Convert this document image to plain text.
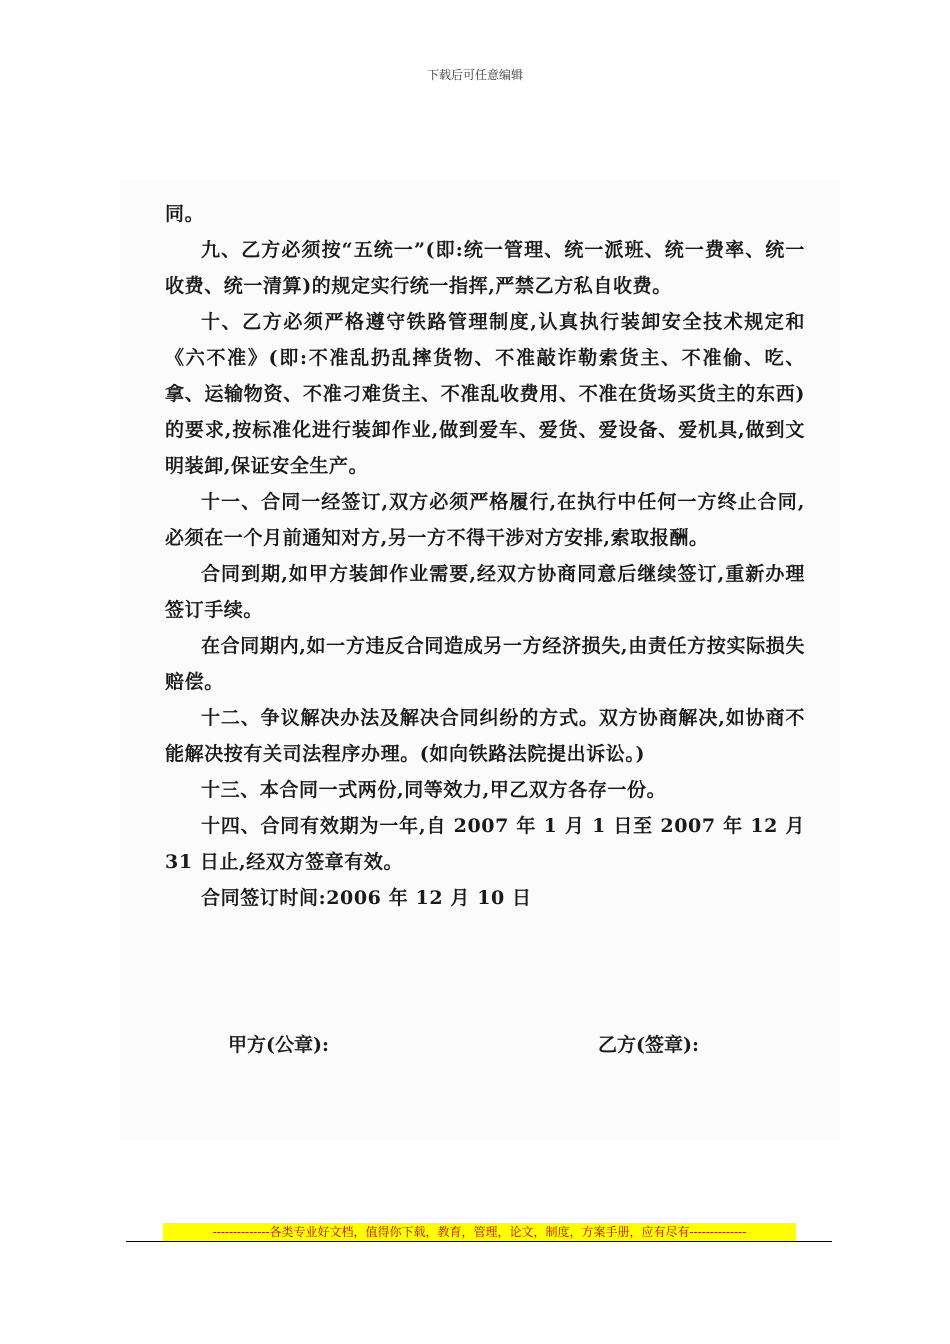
下载后可任意编辑

同。

九、乙方必须按“五统一”(即:统一管理、统一派班、统一费率、统一收费、统一清算)的规定实行统一指挥,严禁乙方私自收费。

十、乙方必须严格遵守铁路管理制度,认真执行装卸安全技术规定和《六不准》(即:不准乱扔乱摔货物、不准敲诈勒索货主、不准偷、吃、拿、运输物资、不准刁难货主、不准乱收费用、不准在货场买货主的东西)的要求,按标准化进行装卸作业,做到爱车、爱货、爱设备、爱机具,做到文明装卸,保证安全生产。

十一、合同一经签订,双方必须严格履行,在执行中任何一方终止合同,必须在一个月前通知对方,另一方不得干涉对方安排,索取报酬。

合同到期,如甲方装卸作业需要,经双方协商同意后继续签订,重新办理签订手续。

在合同期内,如一方违反合同造成另一方经济损失,由责任方按实际损失赔偿。

十二、争议解决办法及解决合同纠纷的方式。双方协商解决,如协商不能解决按有关司法程序办理。(如向铁路法院提出诉讼。)

十三、本合同一式两份,同等效力,甲乙双方各存一份。

十四、合同有效期为一年,自 2007 年 1 月 1 日至 2007 年 12 月 31 日止,经双方签章有效。

合同签订时间:2006 年 12 月 10 日

甲方(公章):	乙方(签章):
--------------各类专业好文档，值得你下载，教育，管理，论文，制度，方案手册，应有尽有--------------
